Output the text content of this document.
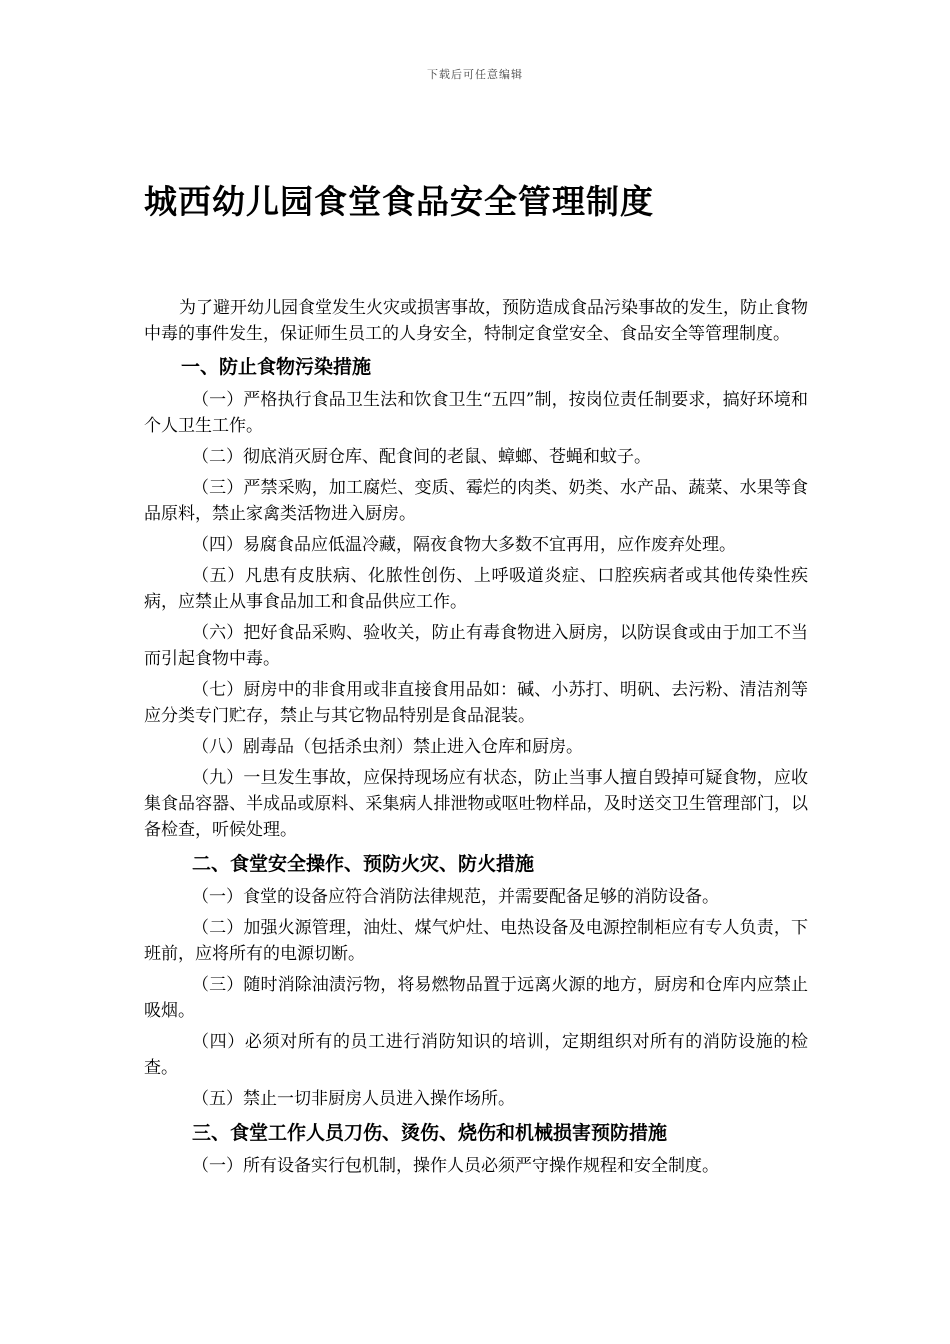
下载后可任意编辑
城西幼儿园食堂食品安全管理制度

为了避开幼儿园食堂发生火灾或损害事故，预防造成食品污染事故的发生，防止食物中毒的事件发生，保证师生员工的人身安全，特制定食堂安全、食品安全等管理制度。

一、防止食物污染措施

（一）严格执行食品卫生法和饮食卫生“五四”制，按岗位责任制要求，搞好环境和个人卫生工作。

（二）彻底消灭厨仓库、配食间的老鼠、蟑螂、苍蝇和蚊子。

（三）严禁采购，加工腐烂、变质、霉烂的肉类、奶类、水产品、蔬菜、水果等食品原料，禁止家禽类活物进入厨房。

（四）易腐食品应低温冷藏，隔夜食物大多数不宜再用，应作废弃处理。

（五）凡患有皮肤病、化脓性创伤、上呼吸道炎症、口腔疾病者或其他传染性疾病，应禁止从事食品加工和食品供应工作。

（六）把好食品采购、验收关，防止有毒食物进入厨房，以防误食或由于加工不当而引起食物中毒。

（七）厨房中的非食用或非直接食用品如：碱、小苏打、明矾、去污粉、清洁剂等应分类专门贮存，禁止与其它物品特别是食品混装。

（八）剧毒品（包括杀虫剂）禁止进入仓库和厨房。

（九）一旦发生事故，应保持现场应有状态，防止当事人擅自毁掉可疑食物，应收集食品容器、半成品或原料、采集病人排泄物或呕吐物样品，及时送交卫生管理部门，以备检查，听候处理。

二、食堂安全操作、预防火灾、防火措施

（一）食堂的设备应符合消防法律规范，并需要配备足够的消防设备。

（二）加强火源管理，油灶、煤气炉灶、电热设备及电源控制柜应有专人负责，下班前，应将所有的电源切断。

（三）随时消除油渍污物，将易燃物品置于远离火源的地方，厨房和仓库内应禁止吸烟。

（四）必须对所有的员工进行消防知识的培训，定期组织对所有的消防设施的检查。

（五）禁止一切非厨房人员进入操作场所。

三、食堂工作人员刀伤、烫伤、烧伤和机械损害预防措施

（一）所有设备实行包机制，操作人员必须严守操作规程和安全制度。
